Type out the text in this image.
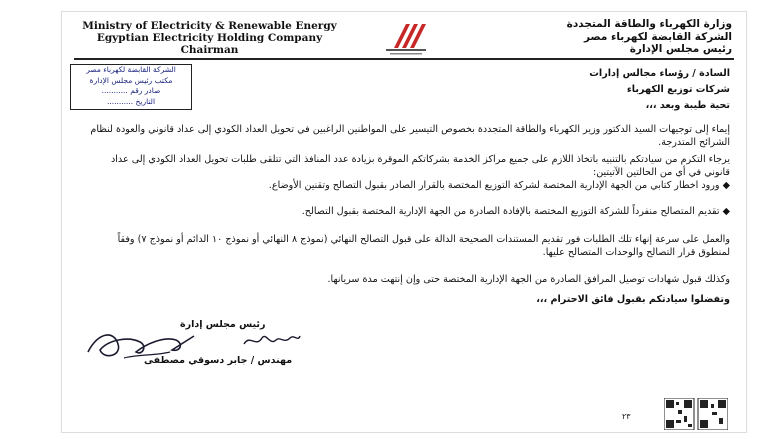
Ministry of Electricity & Renewable Energy
Egyptian Electricity Holding Company
Chairman
وزارة الكهرباء والطاقة المتجددة
الشركة القابضة لكهرباء مصر
رئيس مجلس الإدارة
الشركة القابضة لكهرباء مصر
مكتب رئيس مجلس الإدارة
صادر رقم ...........
التاريخ ...........
السادة / رؤساء مجالس إدارات
شركات توزيع الكهرباء
تحية طيبة وبعد ،،،
إيماء إلى توجيهات السيد الدكتور وزير الكهرباء والطاقة المتجددة بخصوص التيسير على المواطنين الراغبين في تحويل العداد الكودي إلى عداد قانوني والعودة لنظام الشرائح المتدرجة.
يرجاء التكرم من سيادتكم بالتنبيه باتخاذ اللازم على جميع مراكز الخدمة بشركاتكم الموقرة بزيادة عدد المنافذ التي تتلقى طلبات تحويل العداد الكودي إلى عداد قانوني في أي من الحالتين الآتيتين:
◆ ورود اخطار كتابي من الجهة الإدارية المختصة لشركة التوزيع المختصة بالقرار الصادر بقبول التصالح وتقنين الأوضاع.
◆ تقديم المتصالح منفرداً للشركة التوزيع المختصة بالإفادة الصادرة من الجهة الإدارية المختصة بقبول التصالح.
والعمل على سرعة إنهاء تلك الطلبات فور تقديم المستندات الصحيحة الدالة على قبول التصالح النهائي (نموذج ٨ النهائي أو نموذج ١٠ الدائم أو نموذج ٧) وفقاً لمنطوق قرار التصالح والوحدات المتصالح عليها.
وكذلك قبول شهادات توصيل المرافق الصادرة من الجهة الإدارية المختصة حتى وإن إنتهت مدة سريانها.
وتفضلوا سيادتكم بقبول فائق الاحترام ،،،
رئيس مجلس إدارة
مهندس / جابر دسوقي مصطفى
٢٣
